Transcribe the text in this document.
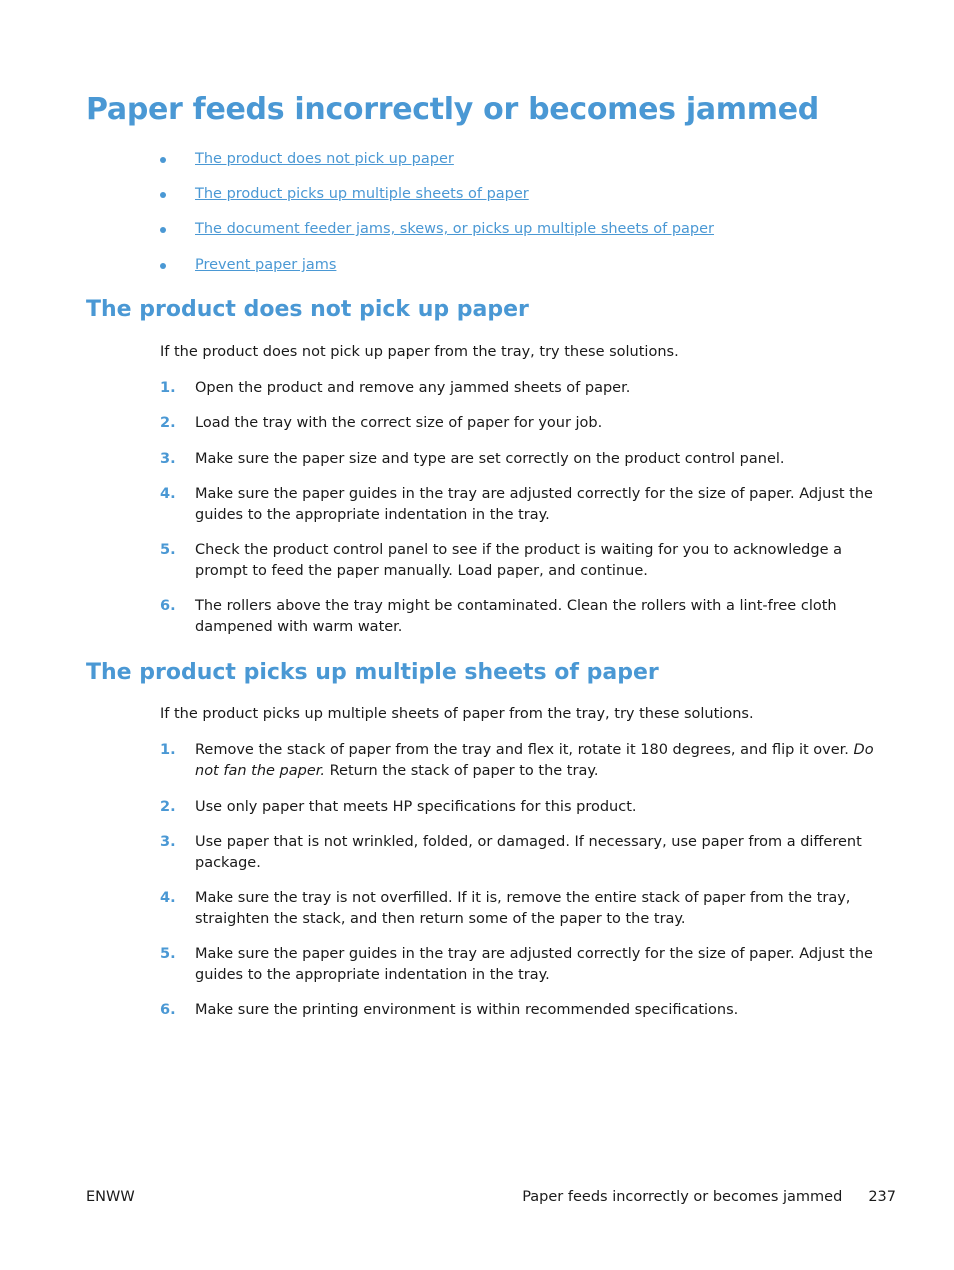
Paper feeds incorrectly or becomes jammed
The product does not pick up paper
The product picks up multiple sheets of paper
The document feeder jams, skews, or picks up multiple sheets of paper
Prevent paper jams
The product does not pick up paper

If the product does not pick up paper from the tray, try these solutions.

1. Open the product and remove any jammed sheets of paper.
2. Load the tray with the correct size of paper for your job.
3. Make sure the paper size and type are set correctly on the product control panel.
4. Make sure the paper guides in the tray are adjusted correctly for the size of paper. Adjust the guides to the appropriate indentation in the tray.
5. Check the product control panel to see if the product is waiting for you to acknowledge a prompt to feed the paper manually. Load paper, and continue.
6. The rollers above the tray might be contaminated. Clean the rollers with a lint-free cloth dampened with warm water.
The product picks up multiple sheets of paper

If the product picks up multiple sheets of paper from the tray, try these solutions.

1. Remove the stack of paper from the tray and flex it, rotate it 180 degrees, and flip it over. Do not fan the paper. Return the stack of paper to the tray.
2. Use only paper that meets HP specifications for this product.
3. Use paper that is not wrinkled, folded, or damaged. If necessary, use paper from a different package.
4. Make sure the tray is not overfilled. If it is, remove the entire stack of paper from the tray, straighten the stack, and then return some of the paper to the tray.
5. Make sure the paper guides in the tray are adjusted correctly for the size of paper. Adjust the guides to the appropriate indentation in the tray.
6. Make sure the printing environment is within recommended specifications.
ENWW	Paper feeds incorrectly or becomes jammed 237
